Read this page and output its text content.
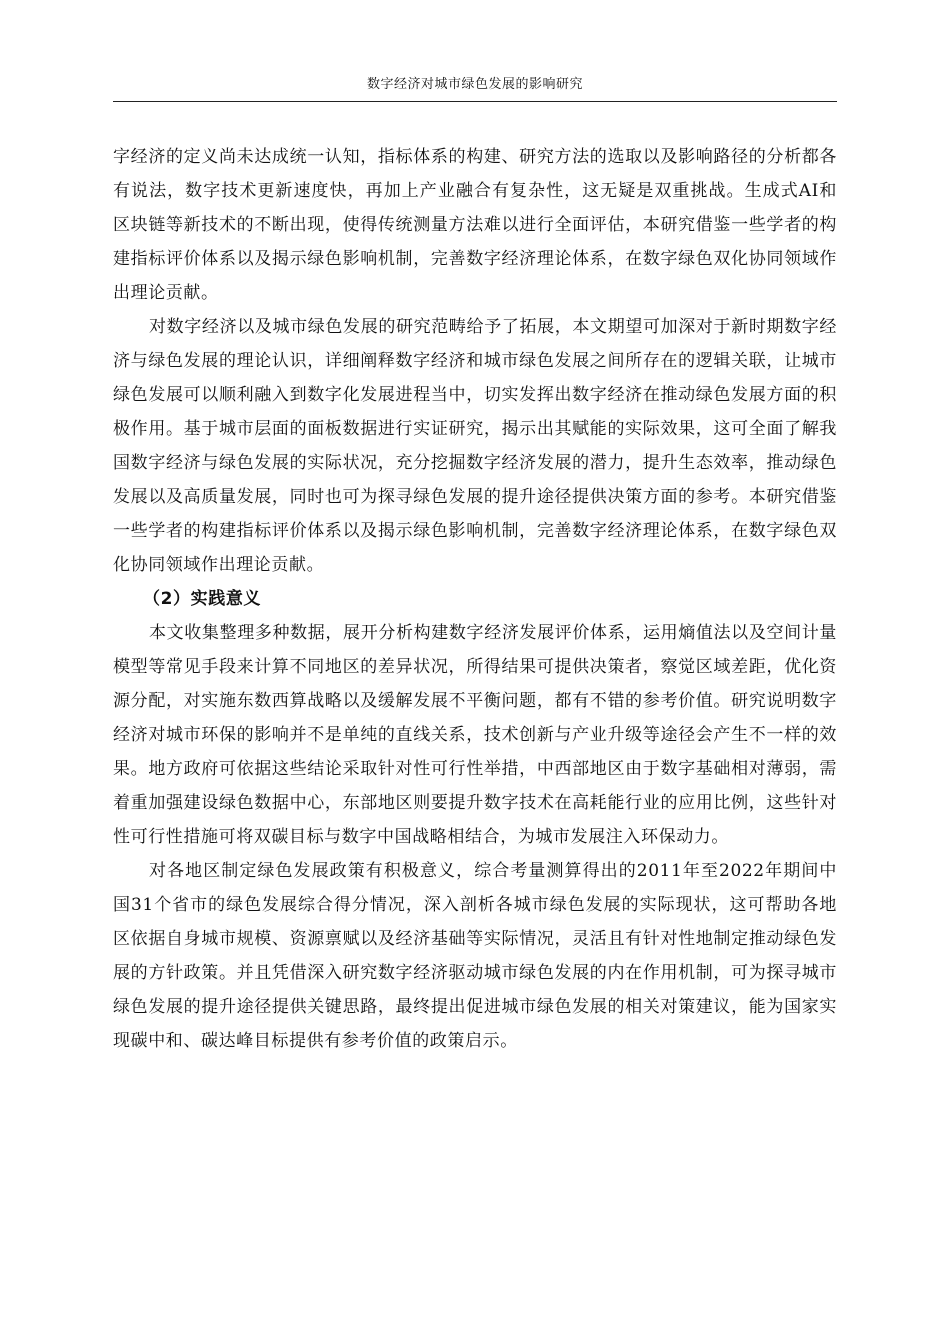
数字经济对城市绿色发展的影响研究

字经济的定义尚未达成统一认知，指标体系的构建、研究方法的选取以及影响路径的分析都各有说法，数字技术更新速度快，再加上产业融合有复杂性，这无疑是双重挑战。生成式AI和区块链等新技术的不断出现，使得传统测量方法难以进行全面评估，本研究借鉴一些学者的构建指标评价体系以及揭示绿色影响机制，完善数字经济理论体系，在数字绿色双化协同领域作出理论贡献。

对数字经济以及城市绿色发展的研究范畴给予了拓展，本文期望可加深对于新时期数字经济与绿色发展的理论认识，详细阐释数字经济和城市绿色发展之间所存在的逻辑关联，让城市绿色发展可以顺利融入到数字化发展进程当中，切实发挥出数字经济在推动绿色发展方面的积极作用。基于城市层面的面板数据进行实证研究，揭示出其赋能的实际效果，这可全面了解我国数字经济与绿色发展的实际状况，充分挖掘数字经济发展的潜力，提升生态效率，推动绿色发展以及高质量发展，同时也可为探寻绿色发展的提升途径提供决策方面的参考。本研究借鉴一些学者的构建指标评价体系以及揭示绿色影响机制，完善数字经济理论体系，在数字绿色双化协同领域作出理论贡献。

（2）实践意义

本文收集整理多种数据，展开分析构建数字经济发展评价体系，运用熵值法以及空间计量模型等常见手段来计算不同地区的差异状况，所得结果可提供决策者，察觉区域差距，优化资源分配，对实施东数西算战略以及缓解发展不平衡问题，都有不错的参考价值。研究说明数字经济对城市环保的影响并不是单纯的直线关系，技术创新与产业升级等途径会产生不一样的效果。地方政府可依据这些结论采取针对性可行性举措，中西部地区由于数字基础相对薄弱，需着重加强建设绿色数据中心，东部地区则要提升数字技术在高耗能行业的应用比例，这些针对性可行性措施可将双碳目标与数字中国战略相结合，为城市发展注入环保动力。

对各地区制定绿色发展政策有积极意义，综合考量测算得出的2011年至2022年期间中国31个省市的绿色发展综合得分情况，深入剖析各城市绿色发展的实际现状，这可帮助各地区依据自身城市规模、资源禀赋以及经济基础等实际情况，灵活且有针对性地制定推动绿色发展的方针政策。并且凭借深入研究数字经济驱动城市绿色发展的内在作用机制，可为探寻城市绿色发展的提升途径提供关键思路，最终提出促进城市绿色发展的相关对策建议，能为国家实现碳中和、碳达峰目标提供有参考价值的政策启示。
